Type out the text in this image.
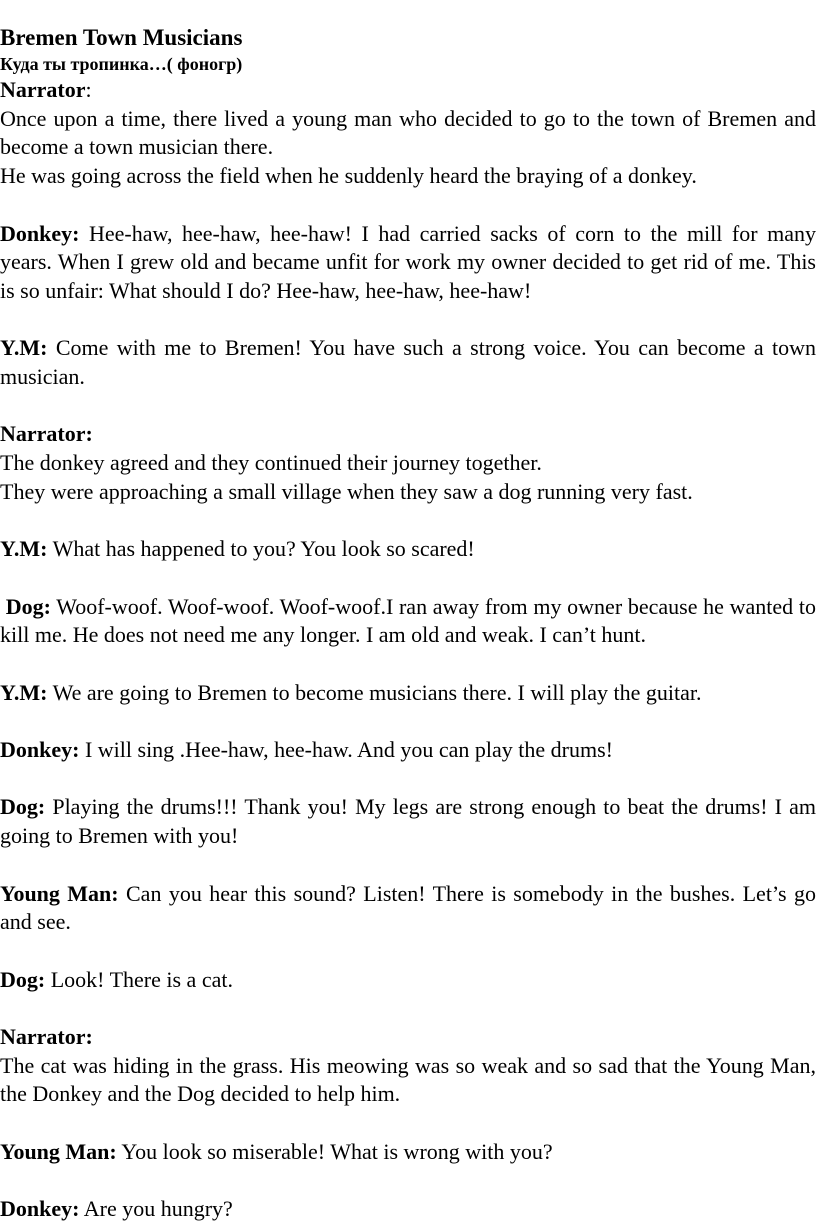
Bremen Town Musicians

Куда ты тропинка…( фоногр)

Narrator:

Once upon a time, there lived a young man who decided to go to the town of Bremen and become a town musician there.

He was going across the field when he suddenly heard the braying of a donkey.

Donkey: Hee-haw, hee-haw, hee-haw! I had carried sacks of corn to the mill for many years. When I grew old and became unfit for work my owner decided to get rid of me. This is so unfair: What should I do? Hee-haw, hee-haw, hee-haw!

Y.M: Come with me to Bremen! You have such a strong voice. You can become a town musician.

Narrator:

The donkey agreed and they continued their journey together.

They were approaching a small village when they saw a dog running very fast.

Y.M: What has happened to you? You look so scared!

Dog: Woof-woof. Woof-woof. Woof-woof.I ran away from my owner because he wanted to kill me. He does not need me any longer. I am old and weak. I can’t hunt.

Y.M: We are going to Bremen to become musicians there. I will play the guitar.

Donkey: I will sing .Hee-haw, hee-haw. And you can play the drums!

Dog: Playing the drums!!! Thank you! My legs are strong enough to beat the drums! I am going to Bremen with you!

Young Man: Can you hear this sound? Listen! There is somebody in the bushes. Let’s go and see.

Dog: Look! There is a cat.

Narrator:

The cat was hiding in the grass. His meowing was so weak and so sad that the Young Man, the Donkey and the Dog decided to help him.

Young Man: You look so miserable! What is wrong with you?

Donkey: Are you hungry?
